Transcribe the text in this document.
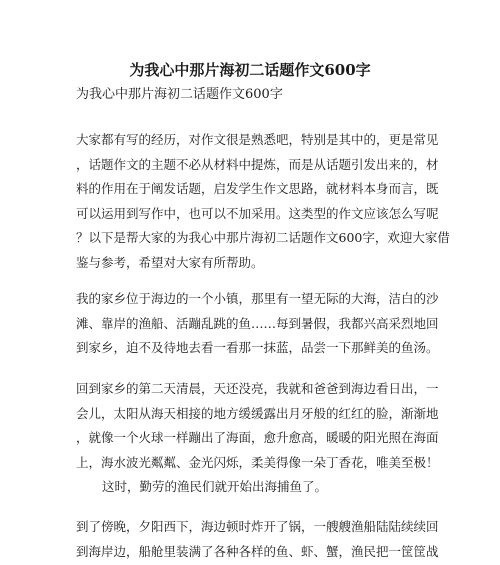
为我心中那片海初二话题作文600字

为我心中那片海初二话题作文600字

大家都有写的经历，对作文很是熟悉吧，特别是其中的，更是常见
，话题作文的主题不必从材料中提炼，而是从话题引发出来的，材
料的作用在于阐发话题，启发学生作文思路，就材料本身而言，既
可以运用到写作中，也可以不加采用。这类型的作文应该怎么写呢
？以下是帮大家的为我心中那片海初二话题作文600字，欢迎大家借
鉴与参考，希望对大家有所帮助。
我的家乡位于海边的一个小镇，那里有一望无际的大海，洁白的沙
滩、靠岸的渔船、活蹦乱跳的鱼……每到暑假，我都兴高采烈地回
到家乡，迫不及待地去看一看那一抹蓝，品尝一下那鲜美的鱼汤。
回到家乡的第二天清晨，天还没亮，我就和爸爸到海边看日出，一
会儿，太阳从海天相接的地方缓缓露出月牙般的红红的脸，渐渐地
，就像一个火球一样蹦出了海面，愈升愈高，暖暖的阳光照在海面
上，海水波光粼粼、金光闪烁，柔美得像一朵丁香花，唯美至极！
这时，勤劳的渔民们就开始出海捕鱼了。
到了傍晚，夕阳西下，海边顿时炸开了锅，一艘艘渔船陆陆续续回
到海岸边，船舱里装满了各种各样的鱼、虾、蟹，渔民把一筐筐战
